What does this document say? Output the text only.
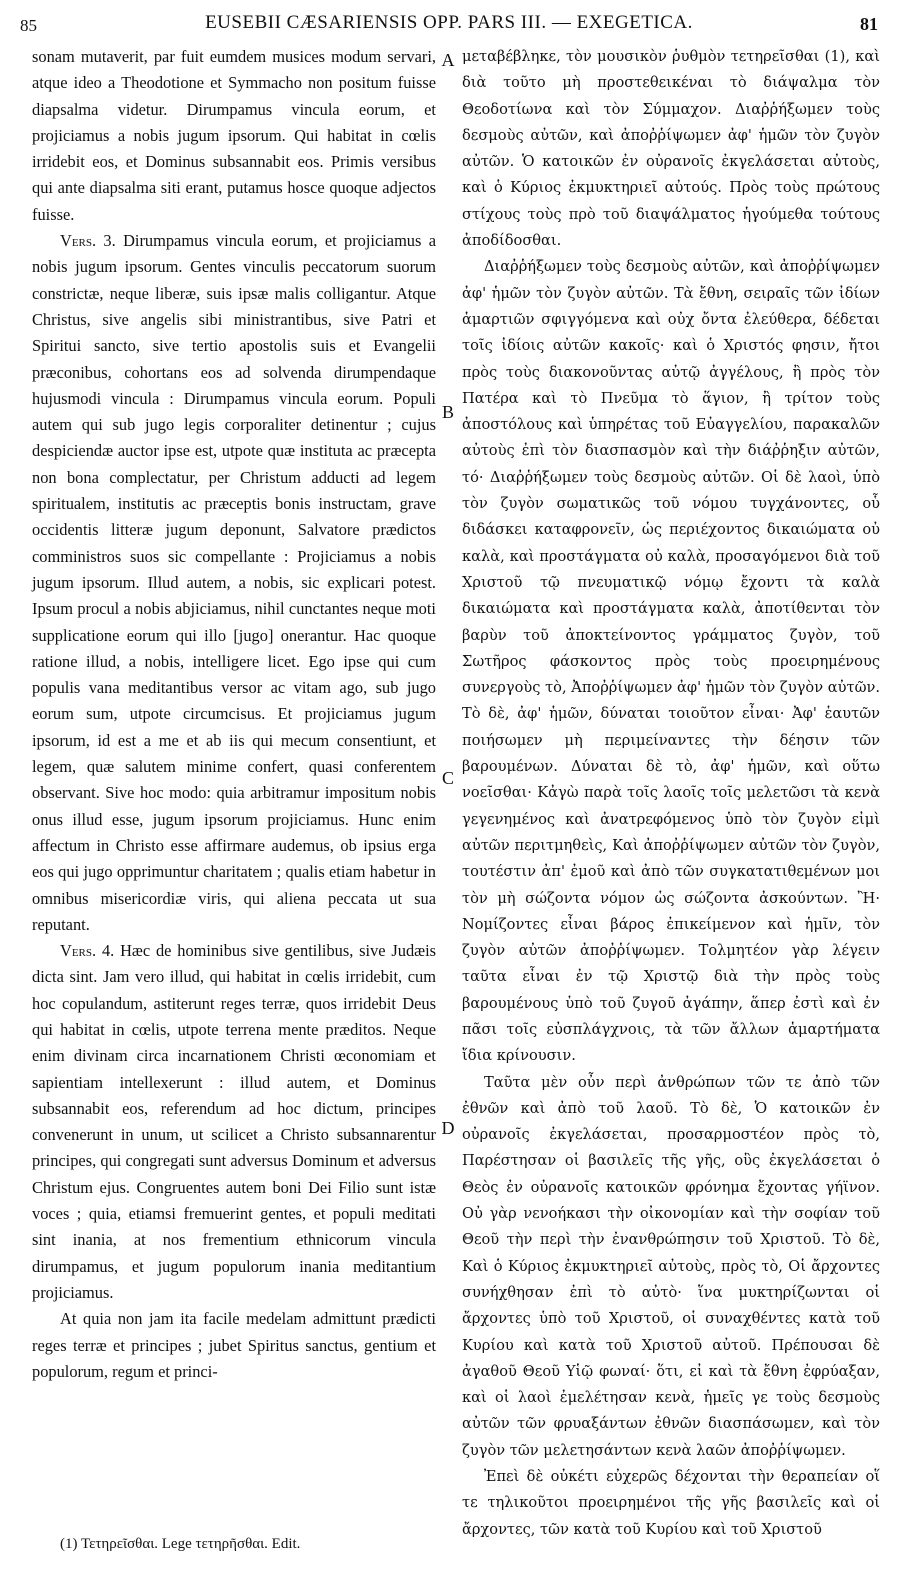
85	EUSEBII CÆSARIENSIS OPP. PARS III. — EXEGETICA.	81

sonam mutaverit, par fuit eumdem musices modum servari, atque ideo a Theodotione et Symmacho non positum fuisse diapsalma videtur. Dirumpamus vincula eorum, et projiciamus a nobis jugum ipsorum. Qui habitat in cœlis irridebit eos, et Dominus subsannabit eos. Primis versibus qui ante diapsalma siti erant, putamus hosce quoque adjectos fuisse.

Vers. 3. Dirumpamus vincula eorum, et projiciamus a nobis jugum ipsorum. Gentes vinculis peccatorum suorum constrictæ, neque liberæ, suis ipsæ malis colligantur. Atque Christus, sive angelis sibi ministrantibus, sive Patri et Spiritui sancto, sive tertio apostolis suis et Evangelii præconibus, cohortans eos ad solvenda dirumpendaque hujusmodi vincula : Dirumpamus vincula eorum. Populi autem qui sub jugo legis corporaliter detinentur ; cujus despiciendæ auctor ipse est, utpote quæ instituta ac præcepta non bona complectatur, per Christum adducti ad legem spiritualem, institutis ac præceptis bonis instructam, grave occidentis litteræ jugum deponunt, Salvatore prædictos comministros suos sic compellante : Projiciamus a nobis jugum ipsorum. Illud autem, a nobis, sic explicari potest. Ipsum procul a nobis abjiciamus, nihil cunctantes neque moti supplicatione eorum qui illo [jugo] onerantur. Hac quoque ratione illud, a nobis, intelligere licet. Ego ipse qui cum populis vana meditantibus versor ac vitam ago, sub jugo eorum sum, utpote circumcisus. Et projiciamus jugum ipsorum, id est a me et ab iis qui mecum consentiunt, et legem, quæ salutem minime confert, quasi conferentem observant. Sive hoc modo: quia arbitramur impositum nobis onus illud esse, jugum ipsorum projiciamus. Hunc enim affectum in Christo esse affirmare audemus, ob ipsius erga eos qui jugo opprimuntur charitatem ; qualis etiam habetur in omnibus misericordiæ viris, qui aliena peccata ut sua reputant.

Vers. 4. Hæc de hominibus sive gentilibus, sive Judæis dicta sint. Jam vero illud, qui habitat in cœlis irridebit, cum hoc copulandum, astiterunt reges terræ, quos irridebit Deus qui habitat in cœlis, utpote terrena mente præditos. Neque enim divinam circa incarnationem Christi œconomiam et sapientiam intellexerunt : illud autem, et Dominus subsannabit eos, referendum ad hoc dictum, principes convenerunt in unum, ut scilicet a Christo subsannarentur principes, qui congregati sunt adversus Dominum et adversus Christum ejus. Congruentes autem boni Dei Filio sunt istæ voces ; quia, etiamsi fremuerint gentes, et populi meditati sint inania, at nos frementium ethnicorum vincula dirumpamus, et jugum populorum inania meditantium projiciamus.

At quia non jam ita facile medelam admittunt prædicti reges terræ et principes ; jubet Spiritus sanctus, gentium et populorum, regum et princi-

A
B
C
D

μεταβέβληκε, τὸν μουσικὸν ῥυθμὸν τετηρεῖσθαι (1), καὶ διὰ τοῦτο μὴ προστεθεικέναι τὸ διάψαλμα τὸν Θεοδοτίωνα καὶ τὸν Σύμμαχον. Διαῤῥήξωμεν τοὺς δεσμοὺς αὐτῶν, καὶ ἀποῤῥίψωμεν ἀφ' ἡμῶν τὸν ζυγὸν αὐτῶν. Ὁ κατοικῶν ἐν οὐρανοῖς ἐκγελάσεται αὐτοὺς, καὶ ὁ Κύριος ἐκμυκτηριεῖ αὐτούς. Πρὸς τοὺς πρώτους στίχους τοὺς πρὸ τοῦ διαψάλματος ἡγούμεθα τούτους ἀποδίδοσθαι.

Διαῤῥήξωμεν τοὺς δεσμοὺς αὐτῶν, καὶ ἀποῤῥίψωμεν ἀφ' ἡμῶν τὸν ζυγὸν αὐτῶν. Τὰ ἔθνη, σειραῖς τῶν ἰδίων ἁμαρτιῶν σφιγγόμενα καὶ οὐχ ὄντα ἐλεύθερα, δέδεται τοῖς ἰδίοις αὐτῶν κακοῖς· καὶ ὁ Χριστός φησιν, ἤτοι πρὸς τοὺς διακονοῦντας αὐτῷ ἀγγέλους, ἢ πρὸς τὸν Πατέρα καὶ τὸ Πνεῦμα τὸ ἅγιον, ἢ τρίτον τοὺς ἀποστόλους καὶ ὑπηρέτας τοῦ Εὐαγγελίου, παρακαλῶν αὐτοὺς ἐπὶ τὸν διασπασμὸν καὶ τὴν διάῤῥηξιν αὐτῶν, τό· Διαῤῥήξωμεν τοὺς δεσμοὺς αὐτῶν. Οἱ δὲ λαοὶ, ὑπὸ τὸν ζυγὸν σωματικῶς τοῦ νόμου τυγχάνοντες, οὗ διδάσκει καταφρονεῖν, ὡς περιέχοντος δικαιώματα οὐ καλὰ, καὶ προστάγματα οὐ καλὰ, προσαγόμενοι διὰ τοῦ Χριστοῦ τῷ πνευματικῷ νόμῳ ἔχοντι τὰ καλὰ δικαιώματα καὶ προστάγματα καλὰ, ἀποτίθενται τὸν βαρὺν τοῦ ἀποκτείνοντος γράμματος ζυγὸν, τοῦ Σωτῆρος φάσκοντος πρὸς τοὺς προειρημένους συνεργοὺς τὸ, Ἀποῤῥίψωμεν ἀφ' ἡμῶν τὸν ζυγὸν αὐτῶν. Τὸ δὲ, ἀφ' ἡμῶν, δύναται τοιοῦτον εἶναι· Ἀφ' ἑαυτῶν ποιήσωμεν μὴ περιμείναντες τὴν δέησιν τῶν βαρουμένων. Δύναται δὲ τὸ, ἀφ' ἡμῶν, καὶ οὕτω νοεῖσθαι· Κἀγὼ παρὰ τοῖς λαοῖς τοῖς μελετῶσι τὰ κενὰ γεγενημένος καὶ ἀνατρεφόμενος ὑπὸ τὸν ζυγὸν εἰμὶ αὐτῶν περιτμηθεὶς, Καὶ ἀποῤῥίψωμεν αὐτῶν τὸν ζυγὸν, τουτέστιν ἀπ' ἐμοῦ καὶ ἀπὸ τῶν συγκατατιθεμένων μοι τὸν μὴ σώζοντα νόμον ὡς σώζοντα ἀσκούντων. Ἢ· Νομίζοντες εἶναι βάρος ἐπικείμενον καὶ ἡμῖν, τὸν ζυγὸν αὐτῶν ἀποῤῥίψωμεν. Τολμητέον γὰρ λέγειν ταῦτα εἶναι ἐν τῷ Χριστῷ διὰ τὴν πρὸς τοὺς βαρουμένους ὑπὸ τοῦ ζυγοῦ ἀγάπην, ἅπερ ἐστὶ καὶ ἐν πᾶσι τοῖς εὐσπλάγχνοις, τὰ τῶν ἄλλων ἁμαρτήματα ἴδια κρίνουσιν.

Ταῦτα μὲν οὖν περὶ ἀνθρώπων τῶν τε ἀπὸ τῶν ἐθνῶν καὶ ἀπὸ τοῦ λαοῦ. Τὸ δὲ, Ὁ κατοικῶν ἐν οὐρανοῖς ἐκγελάσεται, προσαρμοστέον πρὸς τὸ, Παρέστησαν οἱ βασιλεῖς τῆς γῆς, οὓς ἐκγελάσεται ὁ Θεὸς ἐν οὐρανοῖς κατοικῶν φρόνημα ἔχοντας γήϊνον. Οὐ γὰρ νενοήκασι τὴν οἰκονομίαν καὶ τὴν σοφίαν τοῦ Θεοῦ τὴν περὶ τὴν ἐνανθρώπησιν τοῦ Χριστοῦ. Τὸ δὲ, Καὶ ὁ Κύριος ἐκμυκτηριεῖ αὐτοὺς, πρὸς τὸ, Οἱ ἄρχοντες συνήχθησαν ἐπὶ τὸ αὐτὸ· ἵνα μυκτηρίζωνται οἱ ἄρχοντες ὑπὸ τοῦ Χριστοῦ, οἱ συναχθέντες κατὰ τοῦ Κυρίου καὶ κατὰ τοῦ Χριστοῦ αὐτοῦ. Πρέπουσαι δὲ ἀγαθοῦ Θεοῦ Υἱῷ φωναί· ὅτι, εἰ καὶ τὰ ἔθνη ἐφρύαξαν, καὶ οἱ λαοὶ ἐμελέτησαν κενὰ, ἡμεῖς γε τοὺς δεσμοὺς αὐτῶν τῶν φρυαξάντων ἐθνῶν διασπάσωμεν, καὶ τὸν ζυγὸν τῶν μελετησάντων κενὰ λαῶν ἀποῤῥίψωμεν.

Ἐπεὶ δὲ οὐκέτι εὐχερῶς δέχονται τὴν θεραπείαν οἵ τε τηλικοῦτοι προειρημένοι τῆς γῆς βασιλεῖς καὶ οἱ ἄρχοντες, τῶν κατὰ τοῦ Κυρίου καὶ τοῦ Χριστοῦ

(1) Τετηρεῖσθαι. Lege τετηρῆσθαι. Edit.
